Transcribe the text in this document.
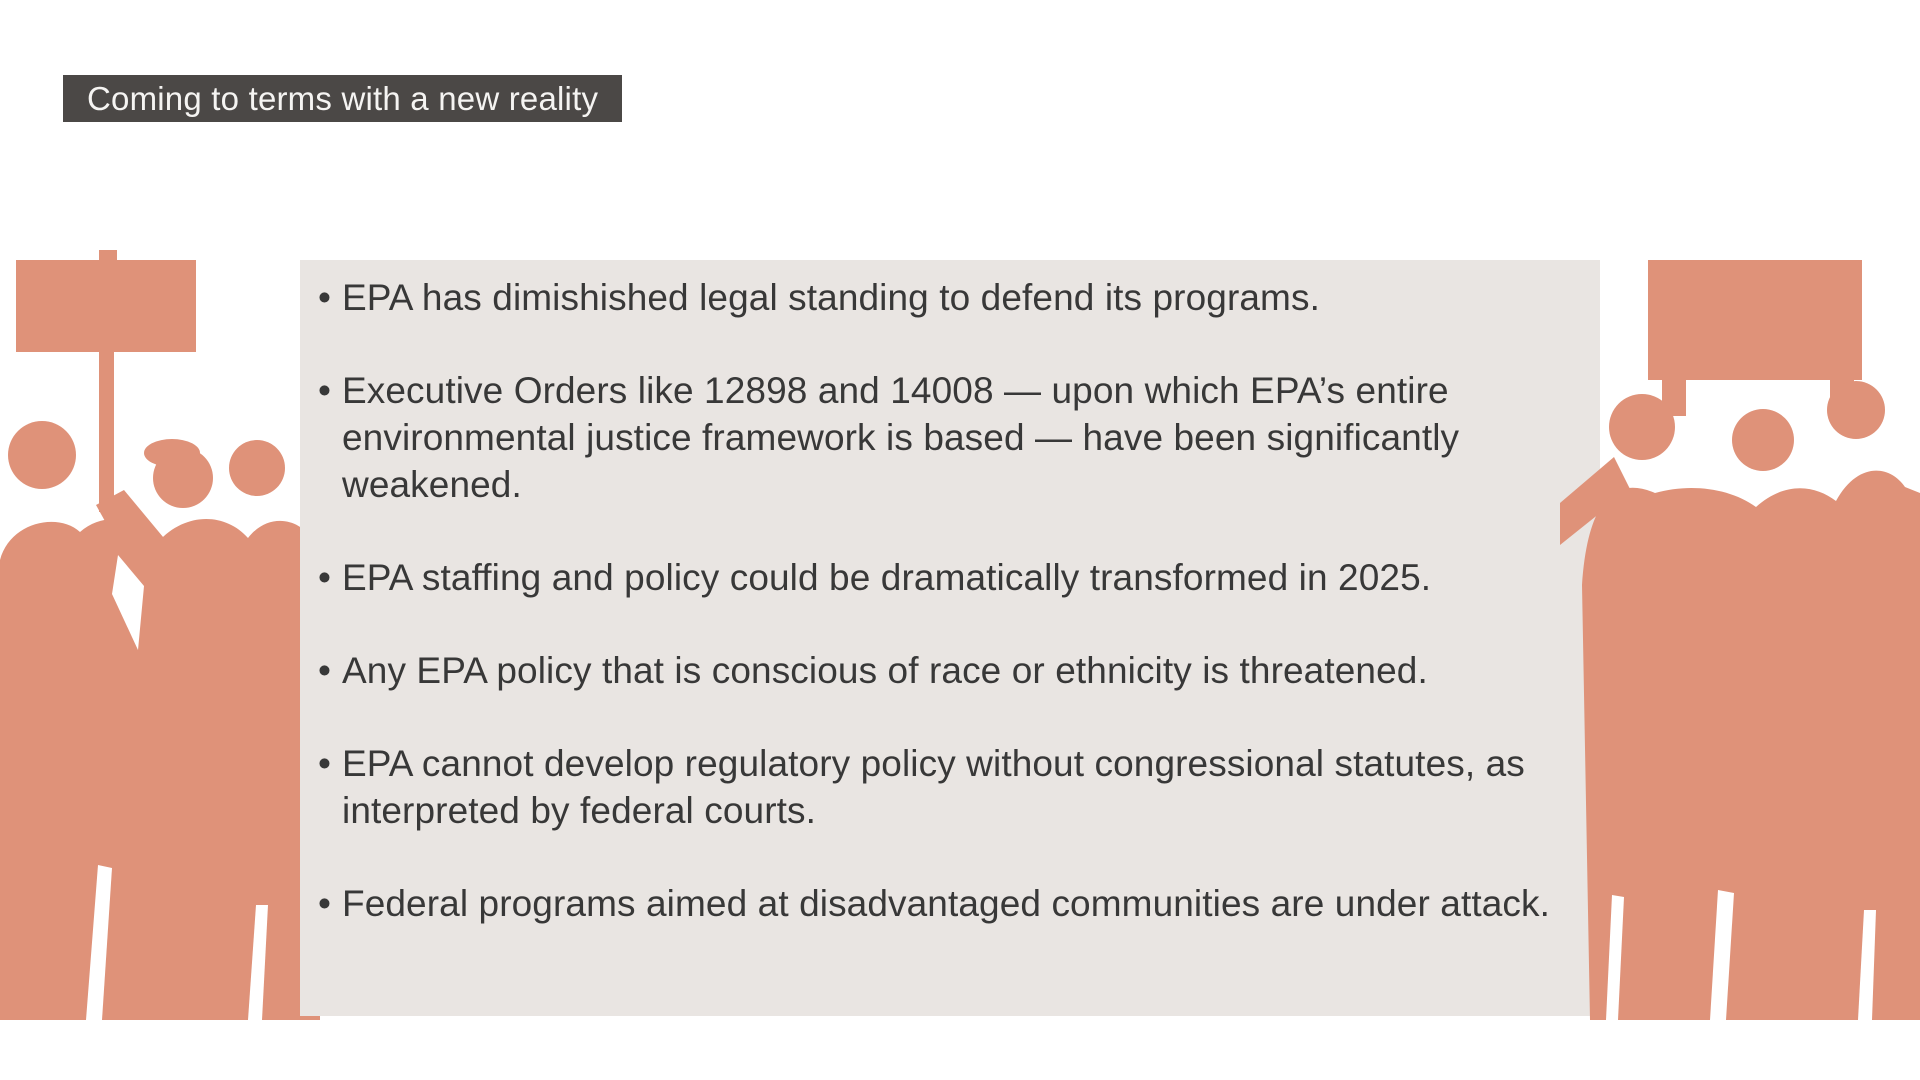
• EPA has dimishished legal standing to defend its programs.
• Executive Orders like 12898 and 14008 — upon which EPA’s entire environmental justice framework is based — have been significantly weakened.
• EPA staffing and policy could be dramatically transformed in 2025.
• Any EPA policy that is conscious of race or ethnicity is threatened.
• EPA cannot develop regulatory policy without congressional statutes, as interpreted by federal courts.
• Federal programs aimed at disadvantaged communities are under attack.
Coming to terms with a new reality
